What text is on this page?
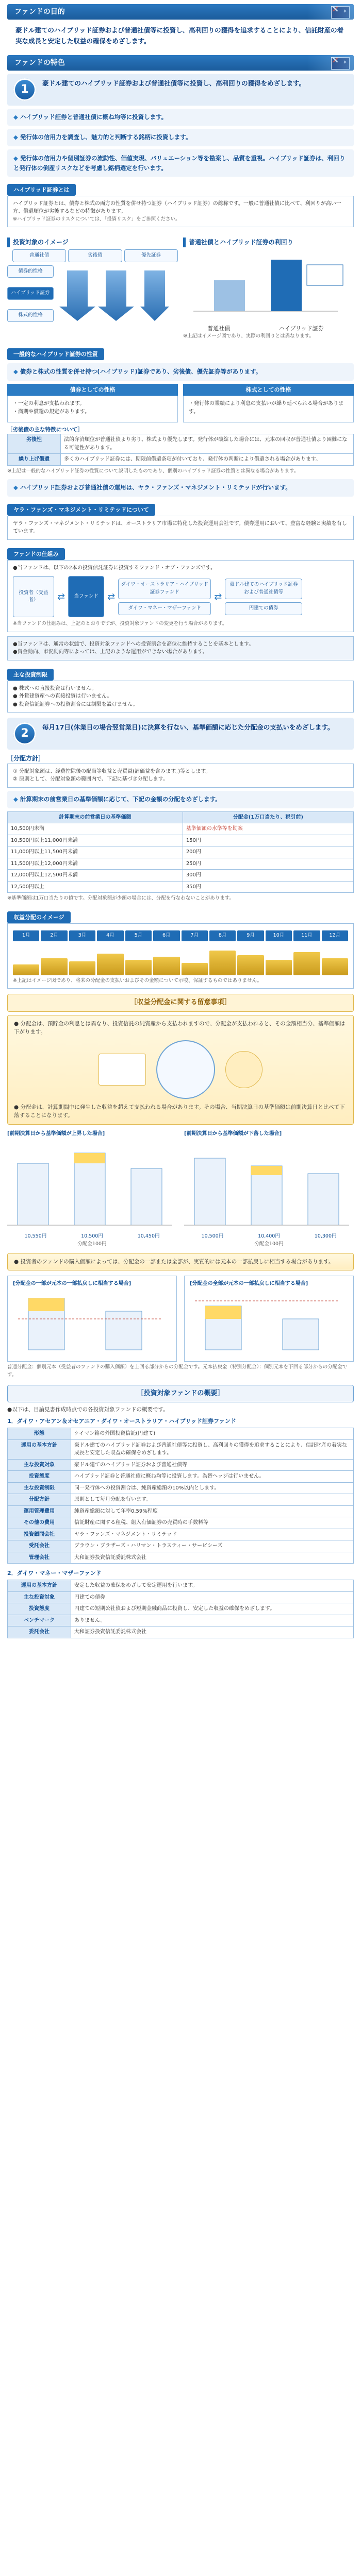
ファンドの目的
✦
豪ドル建てのハイブリッド証券および普通社債等に投資し、高利回りの獲得を追求することにより、信託財産の着実な成長と安定した収益の確保をめざします。
ファンドの特色
✦
1	豪ドル建てのハイブリッド証券および普通社債等に投資し、高利回りの獲得をめざします。
◆ ハイブリッド証券と普通社債に概ね均等に投資します。
◆ 発行体の信用力を調査し、魅力的と判断する銘柄に投資します。
◆ 発行体の信用力や個別証券の流動性、価値実現、バリュエーション等を勘案し、品質を重視。ハイブリッド証券は、利回りと発行体の倒産リスクなどを考慮し銘柄選定を行います。
ハイブリッド証券とは
ハイブリッド証券とは、債券と株式の両方の性質を併せ持つ証券（ハイブリッド証券）の総称です。一般に普通社債に比べて、利回りが高い一方、償還順位が劣後するなどの特徴があります。
※ハイブリッド証券のリスクについては、「投資リスク」をご参照ください。
投資対象のイメージ
普通社債	劣後債	優先証券
債券的性格
ハイブリッド証券
株式的性格
普通社債とハイブリッド証券の利回り
普通社債	ハイブリッド証券
※上記はイメージ図であり、実際の利回りとは異なります。
一般的なハイブリッド証券の性質
◆ 債券と株式の性質を併せ持つ(ハイブリッド)証券であり、劣後債、優先証券等があります。
債券としての性格
・一定の利息が支払われます。
・満期や償還の規定があります。
株式としての性格
・発行体の業績により利息の支払いが繰り延べられる場合があります。
［劣後債の主な特徴について］
劣後性	法的弁済順位が普通社債より劣り、株式より優先します。発行体が破綻した場合には、元本の回収が普通社債より困難になる可能性があります。
繰り上げ償還	多くのハイブリッド証券には、期限前償還条項が付いており、発行体の判断により償還される場合があります。
※上記は一般的なハイブリッド証券の性質について説明したものであり、個別のハイブリッド証券の性質とは異なる場合があります。
◆ ハイブリッド証券および普通社債の運用は、ヤラ・ファンズ・マネジメント・リミテッドが行います。
ヤラ・ファンズ・マネジメント・リミテッドについて
ヤラ・ファンズ・マネジメント・リミテッドは、オーストラリア市場に特化した投資運用会社です。債券運用において、豊富な経験と実績を有しています。
ファンドの仕組み
●当ファンドは、以下の2本の投資信託証券に投資するファンド・オブ・ファンズです。
投資者（受益者）	⇄	当ファンド ⇄
ダイワ・オーストラリア・ハイブリッド証券ファンド
ダイワ・マネー・マザーファンド
⇄
豪ドル建てのハイブリッド証券および普通社債等
円建ての債券
※当ファンドの仕組みは、上記のとおりですが、投資対象ファンドの変更を行う場合があります。
●当ファンドは、通常の状態で、投資対象ファンドへの投資割合を高位に維持することを基本とします。
●資金動向、市況動向等によっては、上記のような運用ができない場合があります。
主な投資制限
● 株式への直接投資は行いません。
● 外貨建資産への直接投資は行いません。
● 投資信託証券への投資割合には制限を設けません。
2	毎月17日(休業日の場合翌営業日)に決算を行ない、基準価額に応じた分配金の支払いをめざします。
［分配方針］
① 分配対象額は、経費控除後の配当等収益と売買益(評価益を含みます。)等とします。
② 原則として、分配対象額の範囲内で、下記に基づき分配します。
◆ 計算期末の前営業日の基準価額に応じて、下記の金額の分配をめざします。
計算期末の前営業日の基準価額	分配金(1万口当たり、税引前)
10,500円未満	基準価額の水準等を勘案
10,500円以上11,000円未満	150円
11,000円以上11,500円未満	200円
11,500円以上12,000円未満	250円
12,000円以上12,500円未満	300円
12,500円以上	350円
※基準価額は1万口当たりの値です。分配対象額が少額の場合には、分配を行なわないことがあります。
収益分配のイメージ
1月	2月	3月	4月	5月	6月	7月	8月	9月	10月	11月	12月
※上記はイメージ図であり、将来の分配金の支払いおよびその金額について示唆、保証するものではありません。
［収益分配金に関する留意事項］
● 分配金は、預貯金の利息とは異なり、投資信託の純資産から支払われますので、分配金が支払われると、その金額相当分、基準価額は下がります。
● 分配金は、計算期間中に発生した収益を超えて支払われる場合があります。その場合、当期決算日の基準価額は前期決算日と比べて下落することになります。
[前期決算日から基準価額が上昇した場合]
10,550円	10,500円	10,450円
分配金100円
[前期決算日から基準価額が下落した場合]
10,500円	10,400円	10,300円
分配金100円
● 投資者のファンドの購入価額によっては、分配金の一部または全部が、実質的には元本の一部払戻しに相当する場合があります。
[分配金の一部が元本の一部払戻しに相当する場合]	[分配金の全部が元本の一部払戻しに相当する場合]
普通分配金：個別元本（受益者のファンドの購入価額）を上回る部分からの分配金です。元本払戻金（特別分配金）：個別元本を下回る部分からの分配金です。
［投資対象ファンドの概要］
●以下は、目論見書作成時点での各投資対象ファンドの概要です。
1．ダイワ・アセアン＆オセアニア・ダイワ・オーストラリア・ハイブリッド証券ファンド
形態	ケイマン籍の外国投資信託(円建て)
運用の基本方針	豪ドル建てのハイブリッド証券および普通社債等に投資し、高利回りの獲得を追求することにより、信託財産の着実な成長と安定した収益の確保をめざします。
主な投資対象	豪ドル建てのハイブリッド証券および普通社債等
投資態度	ハイブリッド証券と普通社債に概ね均等に投資します。為替ヘッジは行いません。
主な投資制限	同一発行体への投資割合は、純資産総額の10%以内とします。
分配方針	原則として毎月分配を行います。
運用管理費用	純資産総額に対して年率0.59%程度
その他の費用	信託財産に関する租税、組入有価証券の売買時の手数料等
投資顧問会社	ヤラ・ファンズ・マネジメント・リミテッド
受託会社	ブラウン・ブラザーズ・ハリマン・トラスティー・サービシーズ
管理会社	大和証券投資信託委託株式会社
2．ダイワ・マネー・マザーファンド
運用の基本方針	安定した収益の確保をめざして安定運用を行います。
主な投資対象	円建ての債券
投資態度	円建ての短期公社債および短期金融商品に投資し、安定した収益の確保をめざします。
ベンチマーク	ありません。
委託会社	大和証券投資信託委託株式会社
